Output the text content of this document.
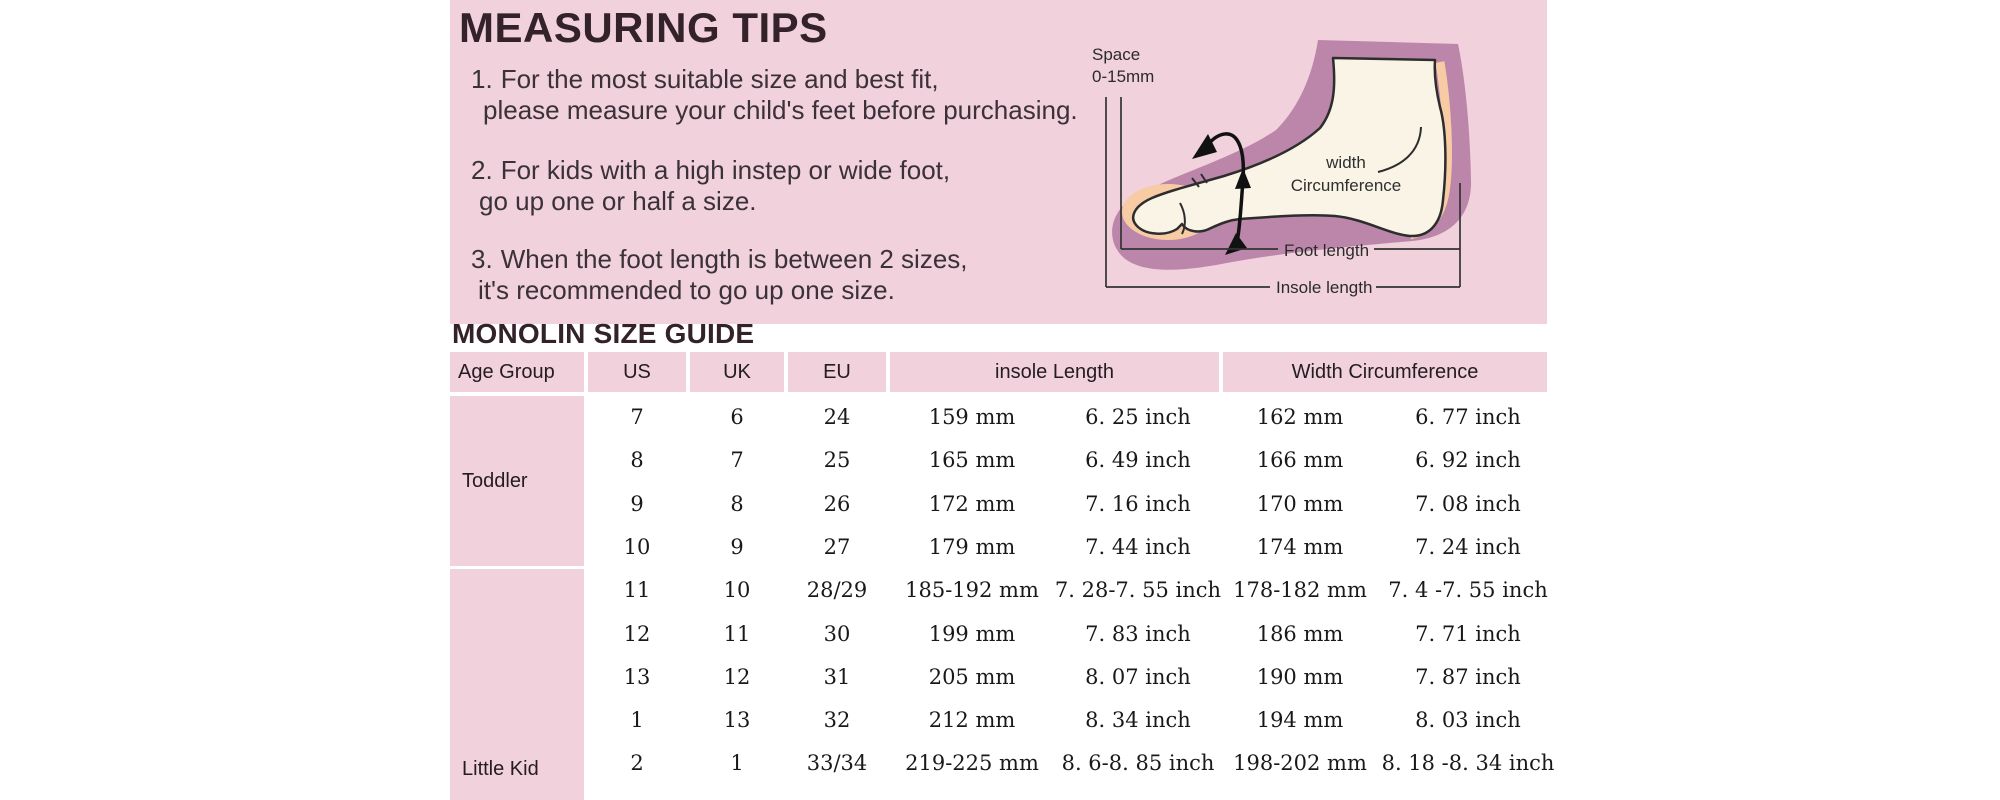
MEASURING TIPS

1. For the most suitable size and best fit,

please measure your child's feet before purchasing.

2. For kids with a high instep or wide foot,

go up one or half a size.

3. When the foot length is between 2 sizes,

it's recommended to go up one size.

Space
0-15mm
width
Circumference
Foot length
Insole length
MONOLIN SIZE GUIDE
Age Group	US	UK	EU	insole Length	Width Circumference
Toddler
Little Kid
7	6	24	159 mm	6. 25 inch	162 mm	6. 77 inch
8	7	25	165 mm	6. 49 inch	166 mm	6. 92 inch
9	8	26	172 mm	7. 16 inch	170 mm	7. 08 inch
10	9	27	179 mm	7. 44 inch	174 mm	7. 24 inch
11	10	28/29	185-192 mm 7. 28-7. 55 inch 178-182 mm	7. 4 -7. 55 inch
12	11	30	199 mm	7. 83 inch	186 mm	7. 71 inch
13	12	31	205 mm	8. 07 inch	190 mm	7. 87 inch
1	13	32	212 mm	8. 34 inch	194 mm	8. 03 inch
2	1	33/34	219-225 mm	8. 6-8. 85 inch 198-202 mm 8. 18 -8. 34 inch
